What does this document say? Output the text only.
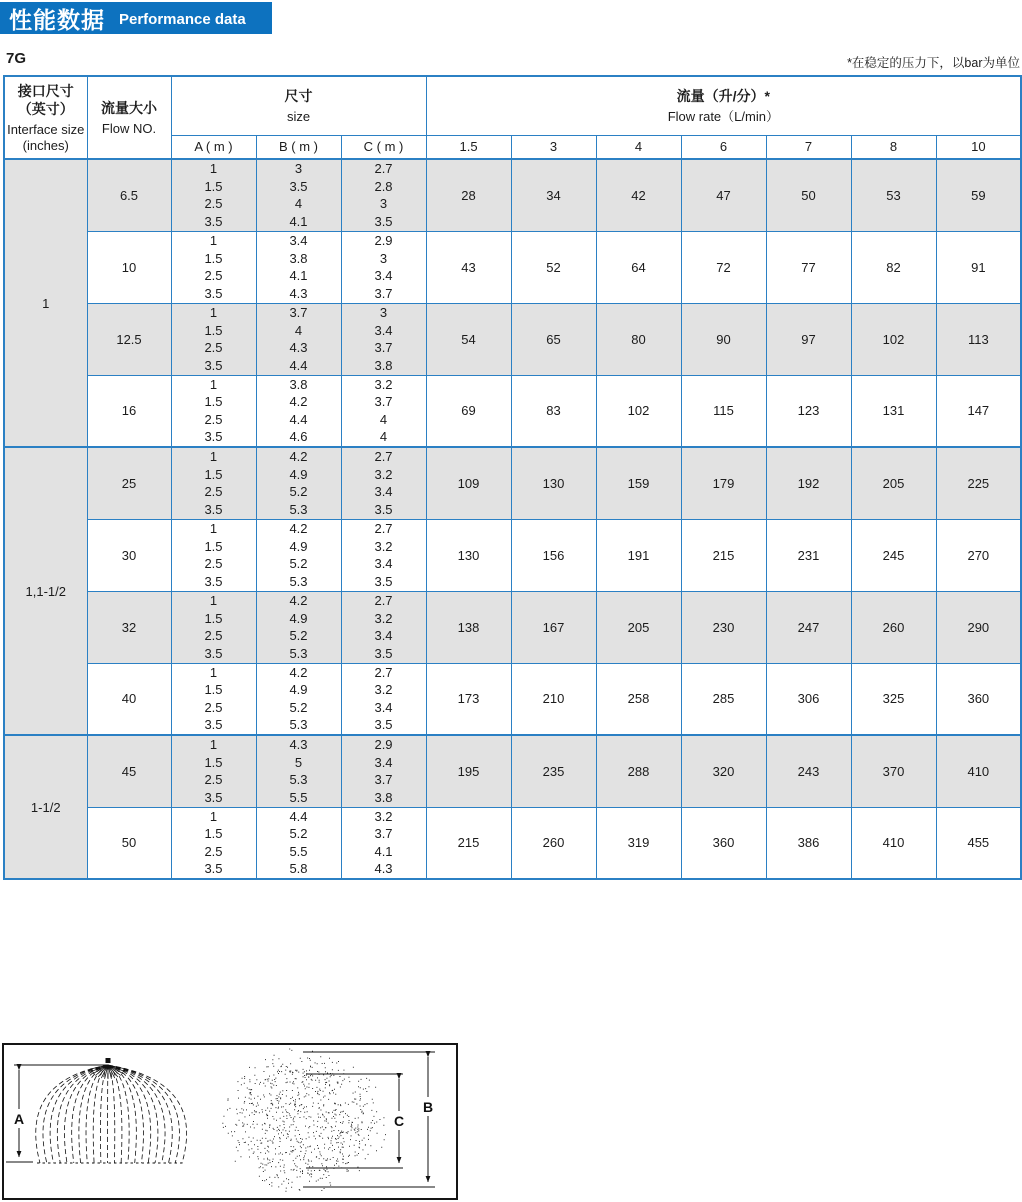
性能数据 Performance data
7G	*在稳定的压力下，以bar为单位
接口尺寸
（英寸）
Interface size
(inches)

流量大小
Flow NO.

尺寸
size

流量（升/分）*
Flow rate（L/min）

		A ( m )	B ( m )	C ( m )	1.5	3	4	6	7	8	10
1	6.5	
1
1.5
2.5
3.5

3
3.5
4
4.1

2.7
2.8
3
3.5
	28	34	42	47	50	53	59
10	
1
1.5
2.5
3.5

3.4
3.8
4.1
4.3

2.9
3
3.4
3.7
	43	52	64	72	77	82	91
12.5	
1
1.5
2.5
3.5

3.7
4
4.3
4.4

3
3.4
3.7
3.8
	54	65	80	90	97	102	113
16	
1
1.5
2.5
3.5

3.8
4.2
4.4
4.6

3.2
3.7
4
4
	69	83	102	115	123	131	147
1,1-1/2	25	
1
1.5
2.5
3.5

4.2
4.9
5.2
5.3

2.7
3.2
3.4
3.5
	109	130	159	179	192	205	225
30	
1
1.5
2.5
3.5

4.2
4.9
5.2
5.3

2.7
3.2
3.4
3.5
	130	156	191	215	231	245	270
32	
1
1.5
2.5
3.5

4.2
4.9
5.2
5.3

2.7
3.2
3.4
3.5
	138	167	205	230	247	260	290
40	
1
1.5
2.5
3.5

4.2
4.9
5.2
5.3

2.7
3.2
3.4
3.5
	173	210	258	285	306	325	360
1-1/2	45	
1
1.5
2.5
3.5

4.3
5
5.3
5.5

2.9
3.4
3.7
3.8
	195	235	288	320	243	370	410
50	
1
1.5
2.5
3.5

4.4
5.2
5.5
5.8

3.2
3.7
4.1
4.3
	215	260	319	360	386	410	455
A
B
C
